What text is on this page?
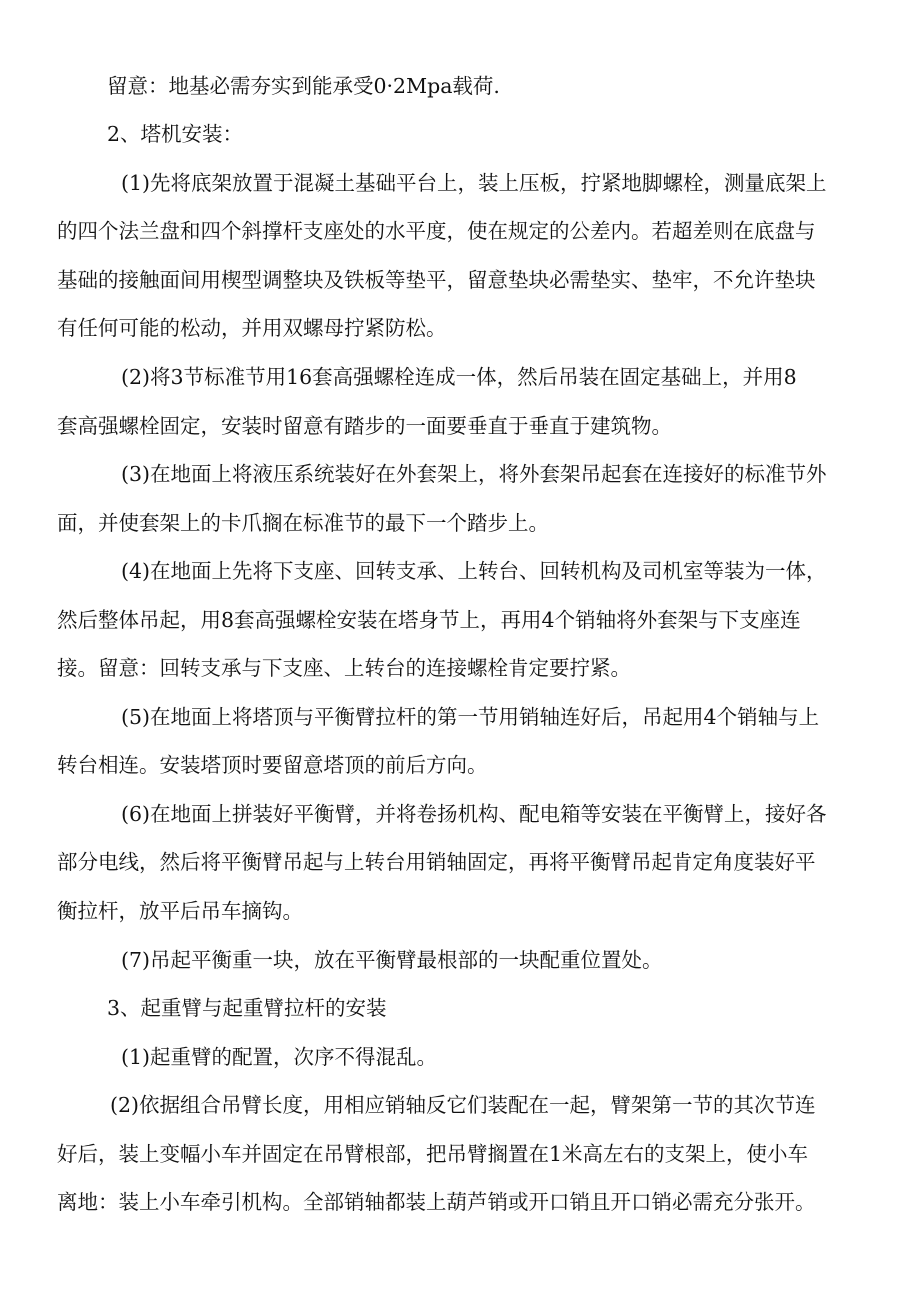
留意：地基必需夯实到能承受0·2Mpa载荷.
2、塔机安装：
(1)先将底架放置于混凝土基础平台上，装上压板，拧紧地脚螺栓，测量底架上
的四个法兰盘和四个斜撑杆支座处的水平度，使在规定的公差内。若超差则在底盘与
基础的接触面间用楔型调整块及铁板等垫平，留意垫块必需垫实、垫牢，不允许垫块
有任何可能的松动，并用双螺母拧紧防松。
(2)将3节标准节用16套高强螺栓连成一体，然后吊装在固定基础上，并用8
套高强螺栓固定，安装时留意有踏步的一面要垂直于垂直于建筑物。
(3)在地面上将液压系统装好在外套架上，将外套架吊起套在连接好的标准节外
面，并使套架上的卡爪搁在标准节的最下一个踏步上。
(4)在地面上先将下支座、回转支承、上转台、回转机构及司机室等装为一体，
然后整体吊起，用8套高强螺栓安装在塔身节上，再用4个销轴将外套架与下支座连
接。留意：回转支承与下支座、上转台的连接螺栓肯定要拧紧。
(5)在地面上将塔顶与平衡臂拉杆的第一节用销轴连好后，吊起用4个销轴与上
转台相连。安装塔顶时要留意塔顶的前后方向。
(6)在地面上拼装好平衡臂，并将卷扬机构、配电箱等安装在平衡臂上，接好各
部分电线，然后将平衡臂吊起与上转台用销轴固定，再将平衡臂吊起肯定角度装好平
衡拉杆，放平后吊车摘钩。
(7)吊起平衡重一块，放在平衡臂最根部的一块配重位置处。
3、起重臂与起重臂拉杆的安装
(1)起重臂的配置，次序不得混乱。
(2)依据组合吊臂长度，用相应销轴反它们装配在一起，臂架第一节的其次节连
好后，装上变幅小车并固定在吊臂根部，把吊臂搁置在1米高左右的支架上，使小车
离地：装上小车牵引机构。全部销轴都装上葫芦销或开口销且开口销必需充分张开。
